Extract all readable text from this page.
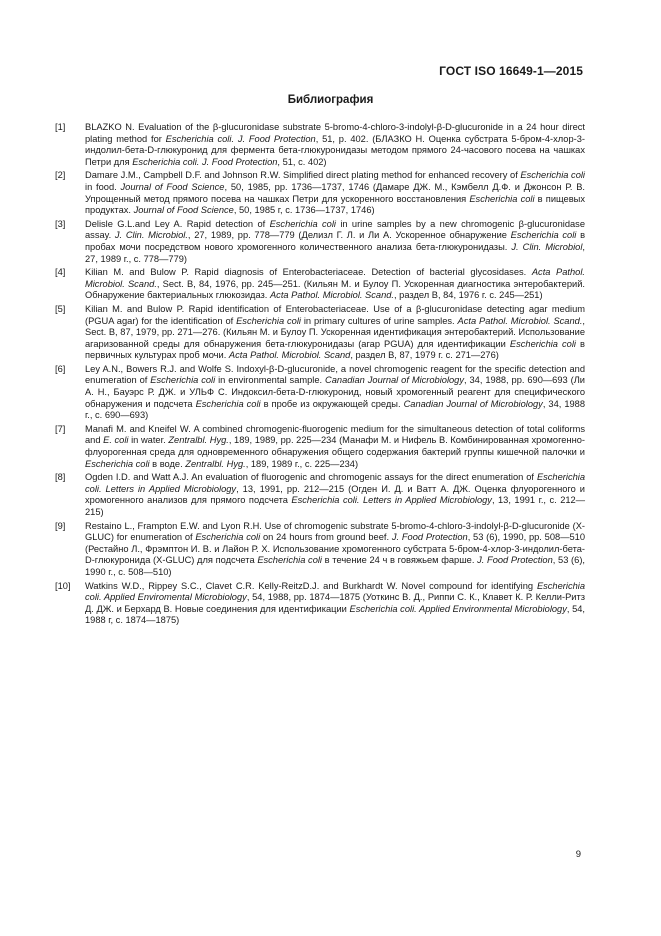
ГОСТ ISO 16649-1—2015
Библиография
[1]	BLAZKO N. Evaluation of the β-glucuronidase substrate 5-bromo-4-chloro-3-indolyl-β-D-glucuronide in a 24 hour direct plating method for Escherichia coli. J. Food Protection, 51, p. 402. (БЛАЗКО Н. Оценка субстрата 5-бром-4-хлор-3-индолил-бета-D-глюкуронид для фермента бета-глюкуронидазы методом прямого 24-часового посева на чашках Петри для Escherichia coli. J. Food Protection, 51, с. 402)
[2]	Damare J.M., Campbell D.F. and Johnson R.W. Simplified direct plating method for enhanced recovery of Escherichia coli in food. Journal of Food Science, 50, 1985, pp. 1736—1737, 1746 (Дамаре ДЖ. М., Кэмбелл Д.Ф. и Джонсон Р. В. Упрощенный метод прямого посева на чашках Петри для ускоренного восстановления Escherichia coli в пищевых продуктах. Journal of Food Science, 50, 1985 г, с. 1736—1737, 1746)
[3]	Delisle G.L.and Ley A. Rapid detection of Escherichia coli in urine samples by a new chromogenic β-glucuronidase assay. J. Clin. Microbiol., 27, 1989, pp. 778—779 (Делизл Г. Л. и Ли А. Ускоренное обнаружение Escherichia coli в пробах мочи посредством нового хромогенного количественного анализа бета-глюкуронидазы. J. Clin. Microbiol, 27, 1989 г., с. 778—779)
[4]	Kilian M. and Bulow P. Rapid diagnosis of Enterobacteriaceae. Detection of bacterial glycosidases. Acta Pathol. Microbiol. Scand., Sect. B, 84, 1976, pp. 245—251. (Кильян М. и Булоу П. Ускоренная диагностика энтеробактерий. Обнаружение бактериальных глюкозидаз. Acta Pathol. Microbiol. Scand., раздел В, 84, 1976 г. с. 245—251)
[5]	Kilian M. and Bulow P. Rapid identification of Enterobacteriaceae. Use of a β-glucuronidase detecting agar medium (PGUA agar) for the identification of Escherichia coli in primary cultures of urine samples. Acta Pathol. Microbiol. Scand., Sect. B, 87, 1979, pp. 271—276. (Кильян М. и Булоу П. Ускоренная идентификация энтеробактерий. Использование агаризованной среды для обнаружения бета-глюкуронидазы (агар PGUA) для идентификации Escherichia coli в первичных культурах проб мочи. Acta Pathol. Microbiol. Scand, раздел В, 87, 1979 г. с. 271—276)
[6]	Ley A.N., Bowers R.J. and Wolfe S. Indoxyl-β-D-glucuronide, a novel chromogenic reagent for the specific detection and enumeration of Escherichia coli in environmental sample. Canadian Journal of Microbiology, 34, 1988, pp. 690—693 (Ли А. Н., Бауэрс Р. ДЖ. и УЛЬФ С. Индоксил-бета-D-глюкуронид, новый хромогенный реагент для специфического обнаружения и подсчета Escherichia coli в пробе из окружающей среды. Canadian Journal of Microbiology, 34, 1988 г., с. 690—693)
[7]	Manafi M. and Kneifel W. A combined chromogenic-fluorogenic medium for the simultaneous detection of total coliforms and E. coli in water. Zentralbl. Hyg., 189, 1989, pp. 225—234 (Манафи М. и Нифель В. Комбинированная хромогенно-флуорогенная среда для одновременного обнаружения общего содержания бактерий группы кишечной палочки и Escherichia coli в воде. Zentralbl. Hyg., 189, 1989 г., с. 225—234)
[8]	Ogden I.D. and Watt A.J. An evaluation of fluorogenic and chromogenic assays for the direct enumeration of Escherichia coli. Letters in Applied Microbiology, 13, 1991, pp. 212—215 (Огден И. Д. и Ватт А. ДЖ. Оценка флуорогенного и хромогенного анализов для прямого подсчета Escherichia coli. Letters in Applied Microbiology, 13, 1991 г., с. 212—215)
[9]	Restaino L., Frampton E.W. and Lyon R.H. Use of chromogenic substrate 5-bromo-4-chloro-3-indolyl-β-D-glucuronide (X-GLUC) for enumeration of Escherichia coli on 24 hours from ground beef. J. Food Protection, 53 (6), 1990, pp. 508—510 (Рестайно Л., Фрэмптон И. В. и Лайон Р. Х. Использование хромогенного субстрата 5-бром-4-хлор-3-индолил-бета-D-глюкуронида (X-GLUC) для подсчета Escherichia coli в течение 24 ч в говяжьем фарше. J. Food Protection, 53 (6), 1990 г., с. 508—510)
[10]	Watkins W.D., Rippey S.C., Clavet C.R. Kelly-ReitzD.J. and Burkhardt W. Novel compound for identifying Escherichia coli. Applied Enviromental Microbiology, 54, 1988, pp. 1874—1875 (Уоткинс В. Д., Риппи С. К., Клавет К. Р. Келли-Ритз Д. ДЖ. и Берхард В. Новые соединения для идентификации Escherichia coli. Applied Environmental Microbiology, 54, 1988 г, с. 1874—1875)
9
